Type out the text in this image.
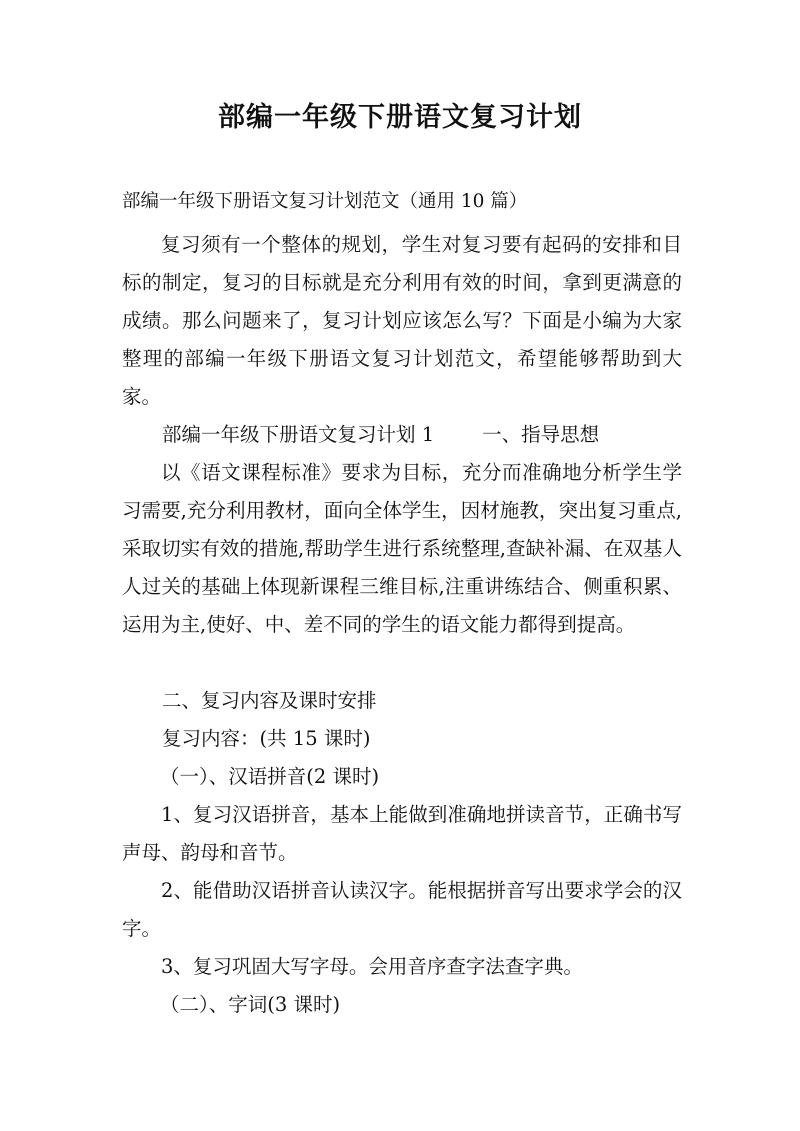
部编一年级下册语文复习计划
部编一年级下册语文复习计划范文（通用 10 篇）
复习须有一个整体的规划，学生对复习要有起码的安排和目标的制定，复习的目标就是充分利用有效的时间，拿到更满意的成绩。那么问题来了，复习计划应该怎么写？下面是小编为大家整理的部编一年级下册语文复习计划范文，希望能够帮助到大家。
部编一年级下册语文复习计划 1 一、指导思想
以《语文课程标准》要求为目标，充分而准确地分析学生学习需要,充分利用教材，面向全体学生，因材施教，突出复习重点,采取切实有效的措施,帮助学生进行系统整理,查缺补漏、在双基人人过关的基础上体现新课程三维目标,注重讲练结合、侧重积累、运用为主,使好、中、差不同的学生的语文能力都得到提高。
二、复习内容及课时安排
复习内容：(共 15 课时)
（一）、汉语拼音(2 课时)
1、复习汉语拼音，基本上能做到准确地拼读音节，正确书写声母、韵母和音节。
2、能借助汉语拼音认读汉字。能根据拼音写出要求学会的汉字。
3、复习巩固大写字母。会用音序查字法查字典。
（二）、字词(3 课时)
